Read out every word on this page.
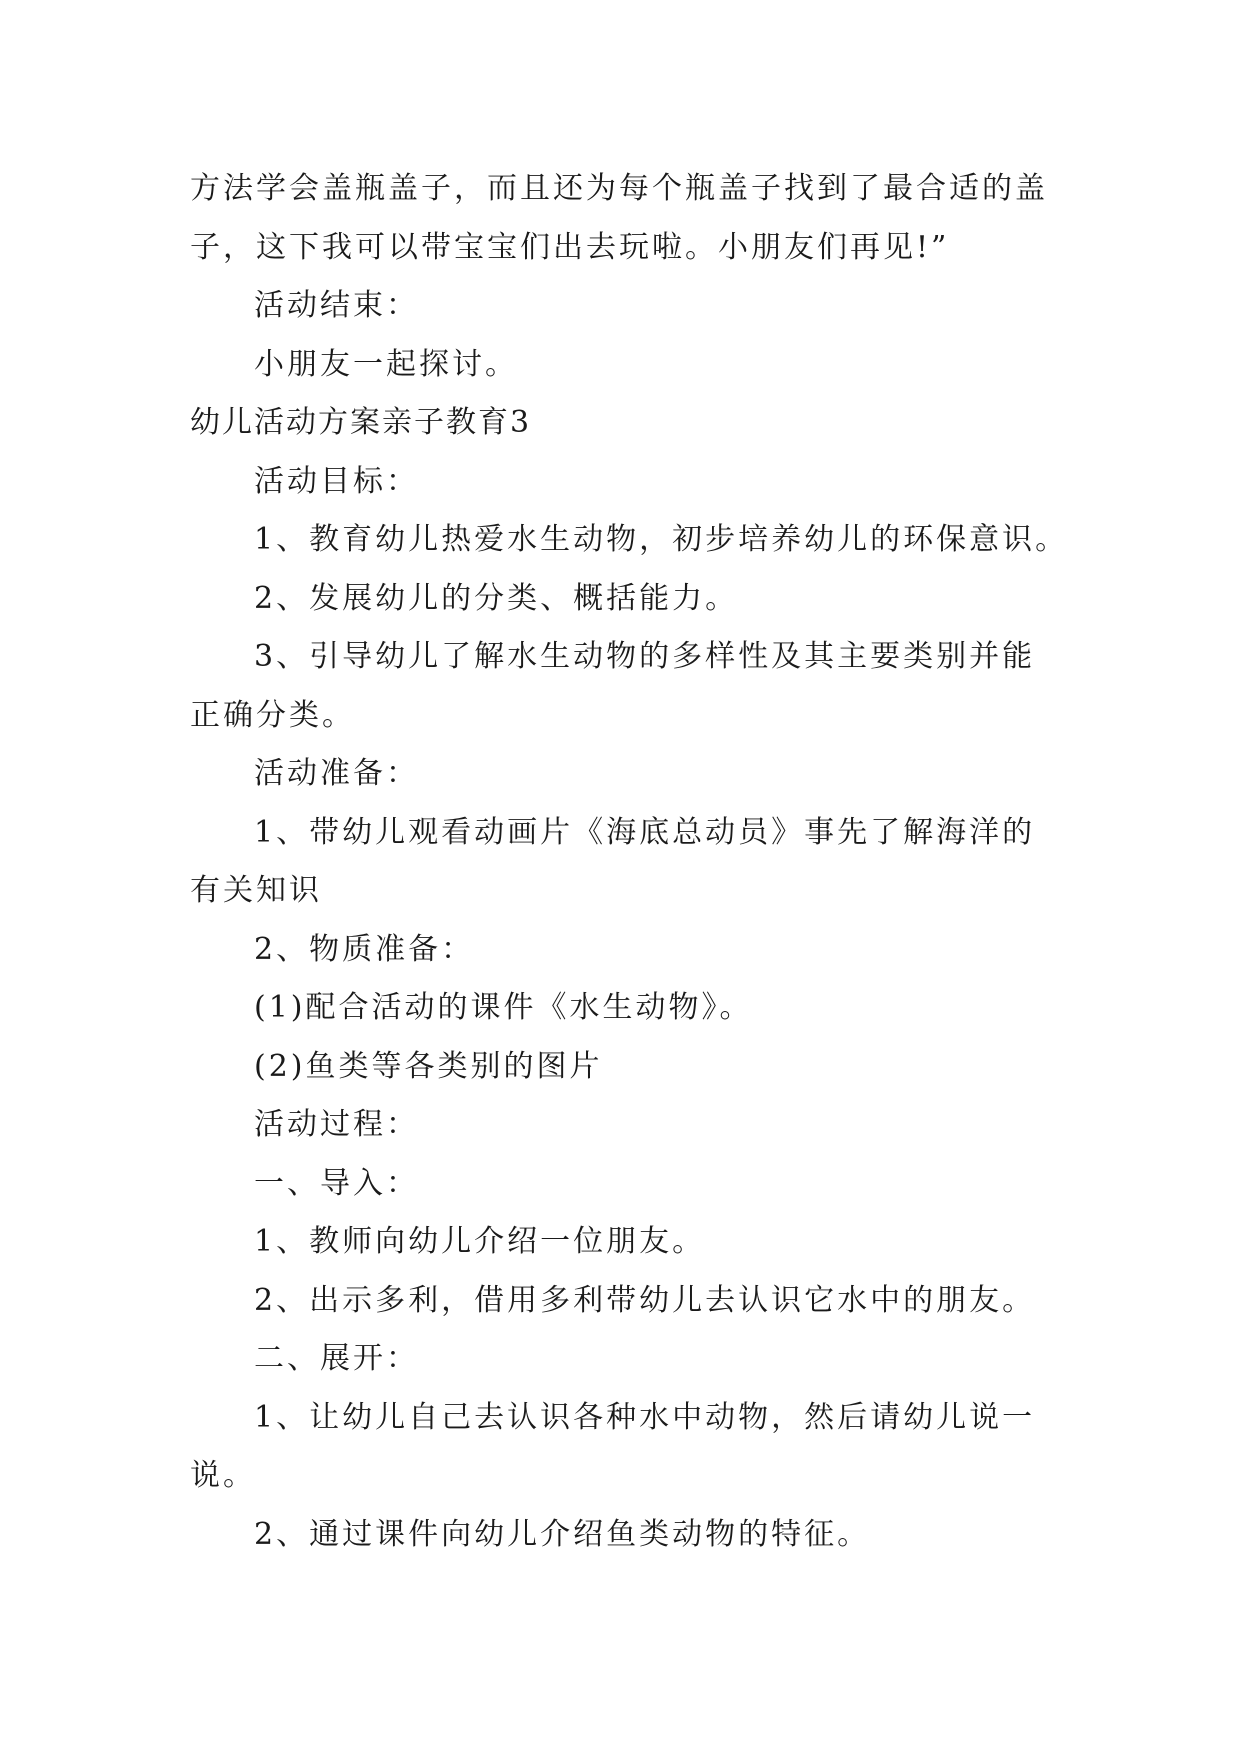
方法学会盖瓶盖子，而且还为每个瓶盖子找到了最合适的盖
子，这下我可以带宝宝们出去玩啦。小朋友们再见!”
活动结束：
小朋友一起探讨。
幼儿活动方案亲子教育3
活动目标：
1、教育幼儿热爱水生动物，初步培养幼儿的环保意识。
2、发展幼儿的分类、概括能力。
3、引导幼儿了解水生动物的多样性及其主要类别并能
正确分类。
活动准备：
1、带幼儿观看动画片《海底总动员》事先了解海洋的
有关知识
2、物质准备：
(1)配合活动的课件《水生动物》。
(2)鱼类等各类别的图片
活动过程：
一、导入：
1、教师向幼儿介绍一位朋友。
2、出示多利，借用多利带幼儿去认识它水中的朋友。
二、展开：
1、让幼儿自己去认识各种水中动物，然后请幼儿说一
说。
2、通过课件向幼儿介绍鱼类动物的特征。
